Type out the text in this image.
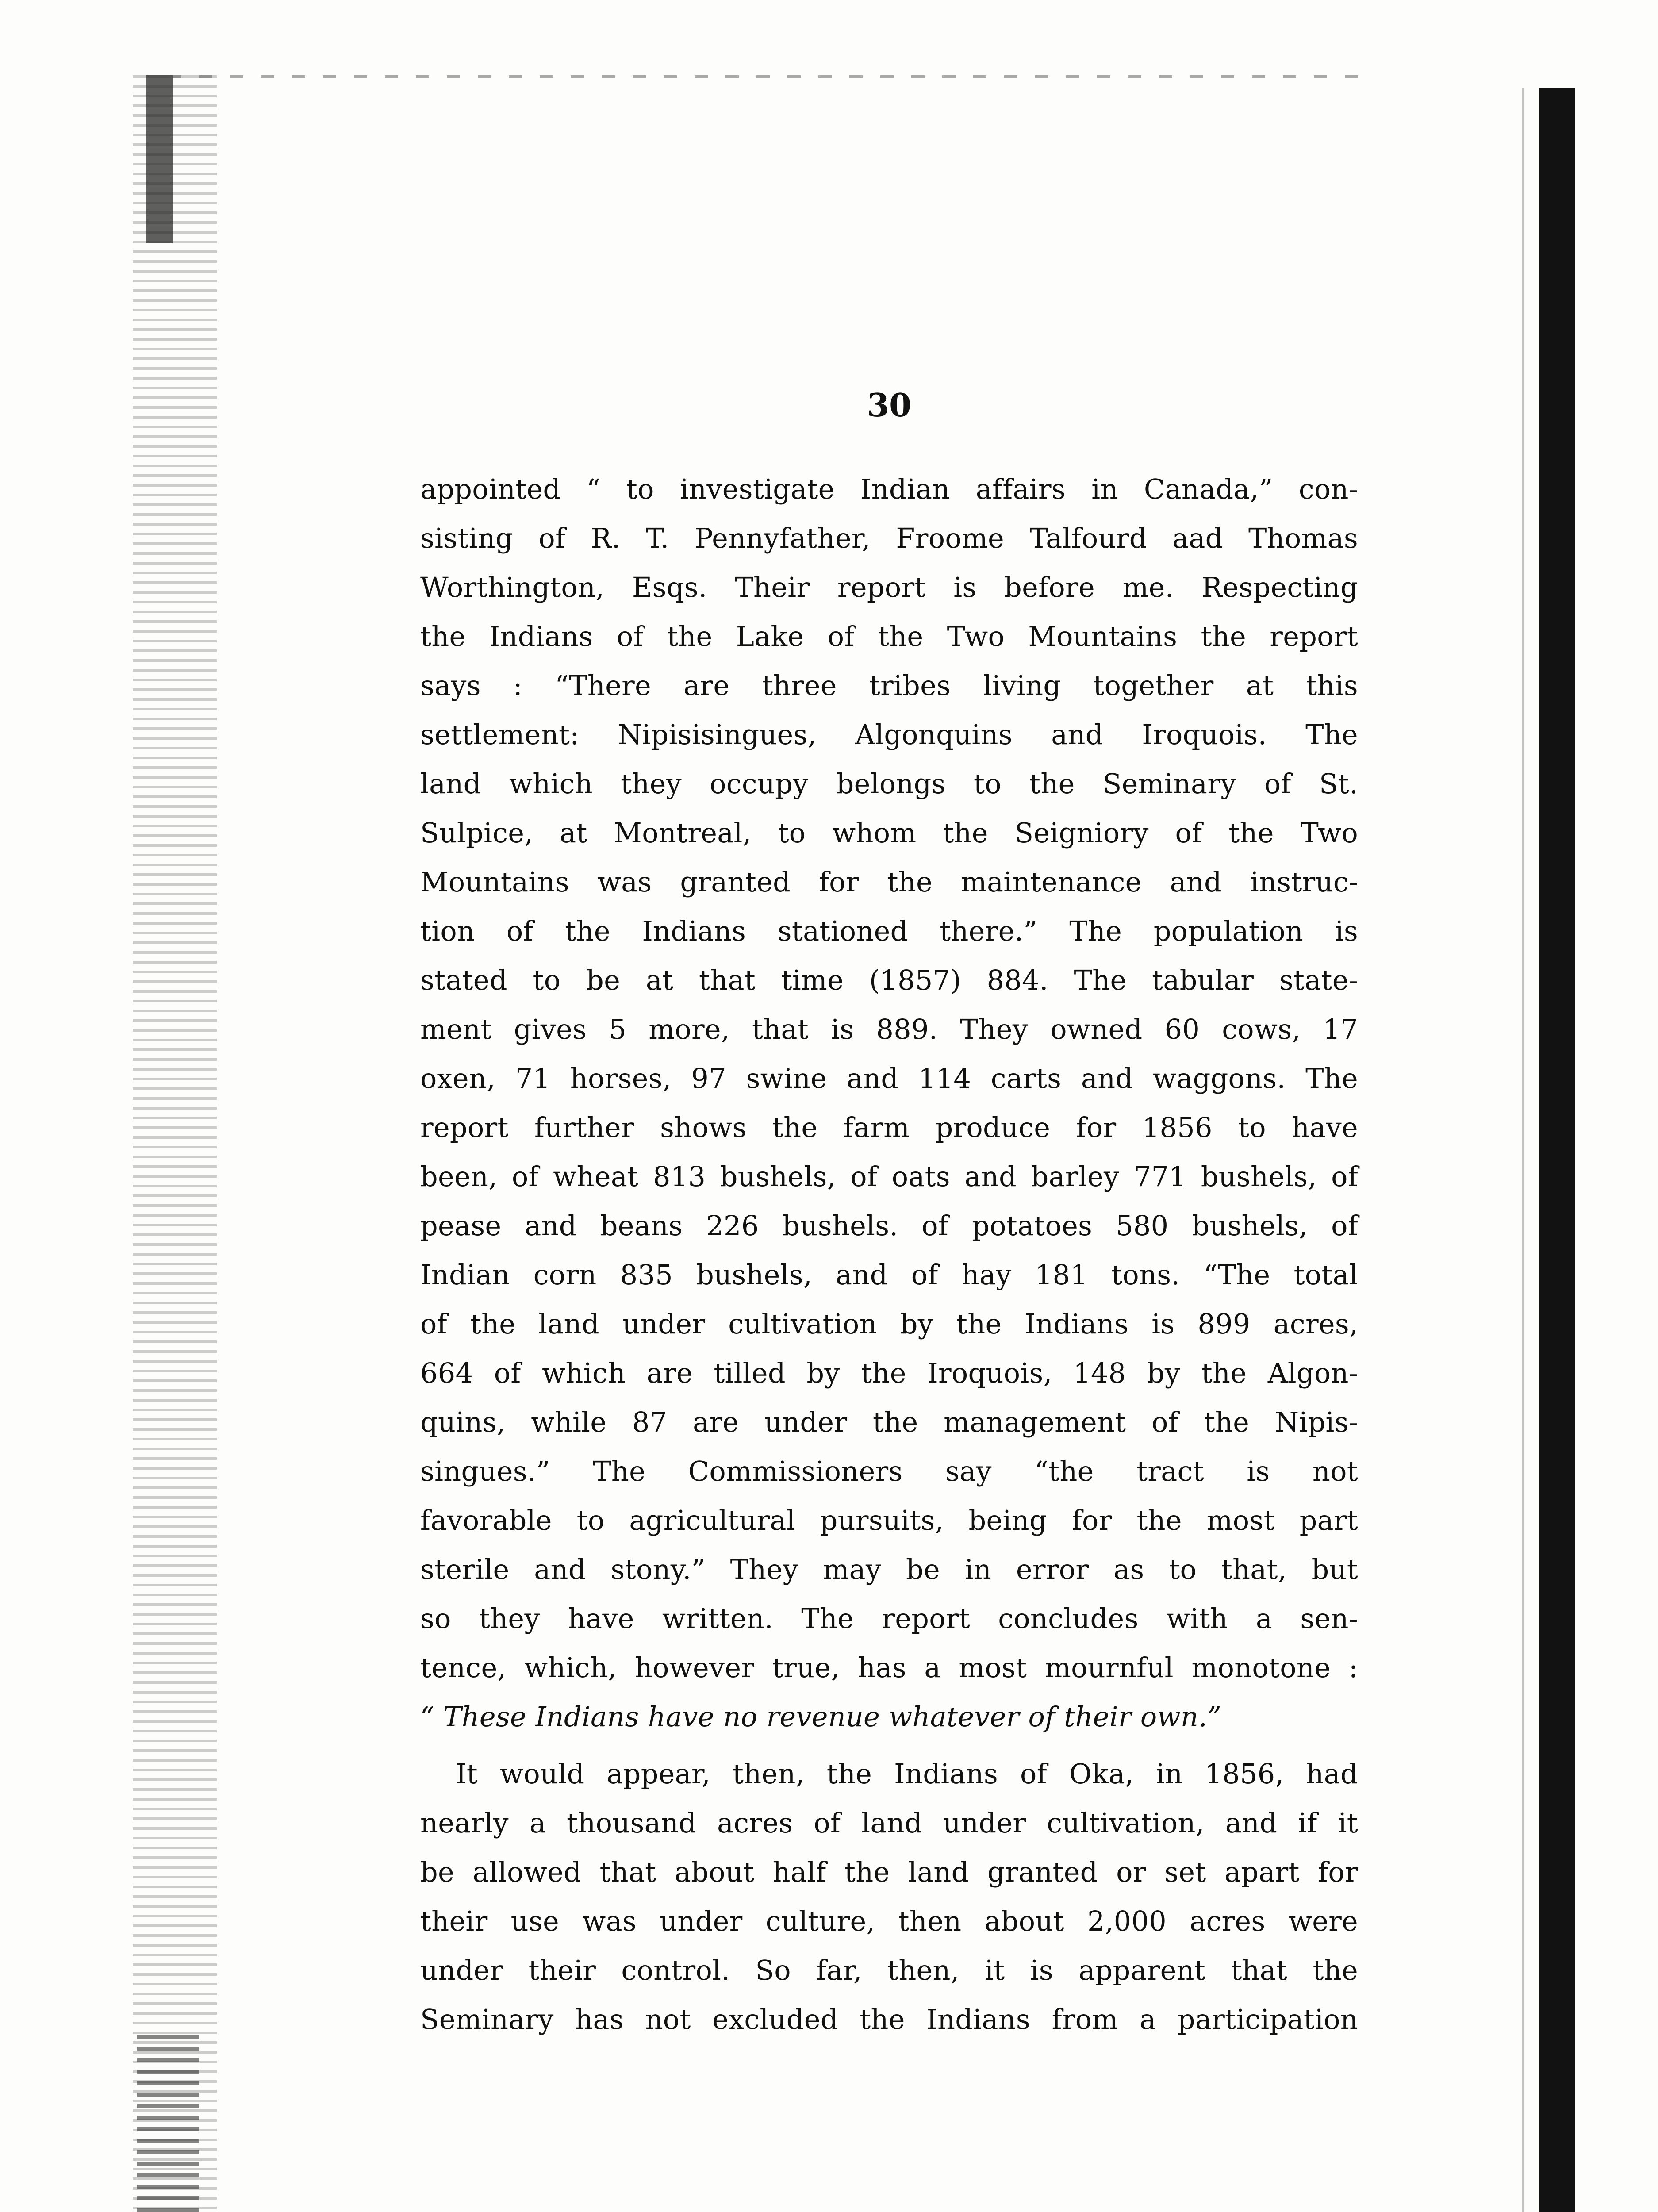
30
appointed “ to investigate Indian affairs in Canada,” con-
sisting of R. T. Pennyfather, Froome Talfourd aad Thomas
Worthington, Esqs. Their report is before me. Respecting
the Indians of the Lake of the Two Mountains the report
says : “There are three tribes living together at this
settlement: Nipisisingues, Algonquins and Iroquois. The
land which they occupy belongs to the Seminary of St.
Sulpice, at Montreal, to whom the Seigniory of the Two
Mountains was granted for the maintenance and instruc-
tion of the Indians stationed there.” The population is
stated to be at that time (1857) 884. The tabular state-
ment gives 5 more, that is 889. They owned 60 cows, 17
oxen, 71 horses, 97 swine and 114 carts and waggons. The
report further shows the farm produce for 1856 to have
been, of wheat 813 bushels, of oats and barley 771 bushels, of
pease and beans 226 bushels. of potatoes 580 bushels, of
Indian corn 835 bushels, and of hay 181 tons. “The total
of the land under cultivation by the Indians is 899 acres,
664 of which are tilled by the Iroquois, 148 by the Algon-
quins, while 87 are under the management of the Nipis-
singues.” The Commissioners say “the tract is not
favorable to agricultural pursuits, being for the most part
sterile and stony.” They may be in error as to that, but
so they have written. The report concludes with a sen-
tence, which, however true, has a most mournful monotone :
“ These Indians have no revenue whatever of their own.”
It would appear, then, the Indians of Oka, in 1856, had
nearly a thousand acres of land under cultivation, and if it
be allowed that about half the land granted or set apart for
their use was under culture, then about 2,000 acres were
under their control. So far, then, it is apparent that the
Seminary has not excluded the Indians from a participation
